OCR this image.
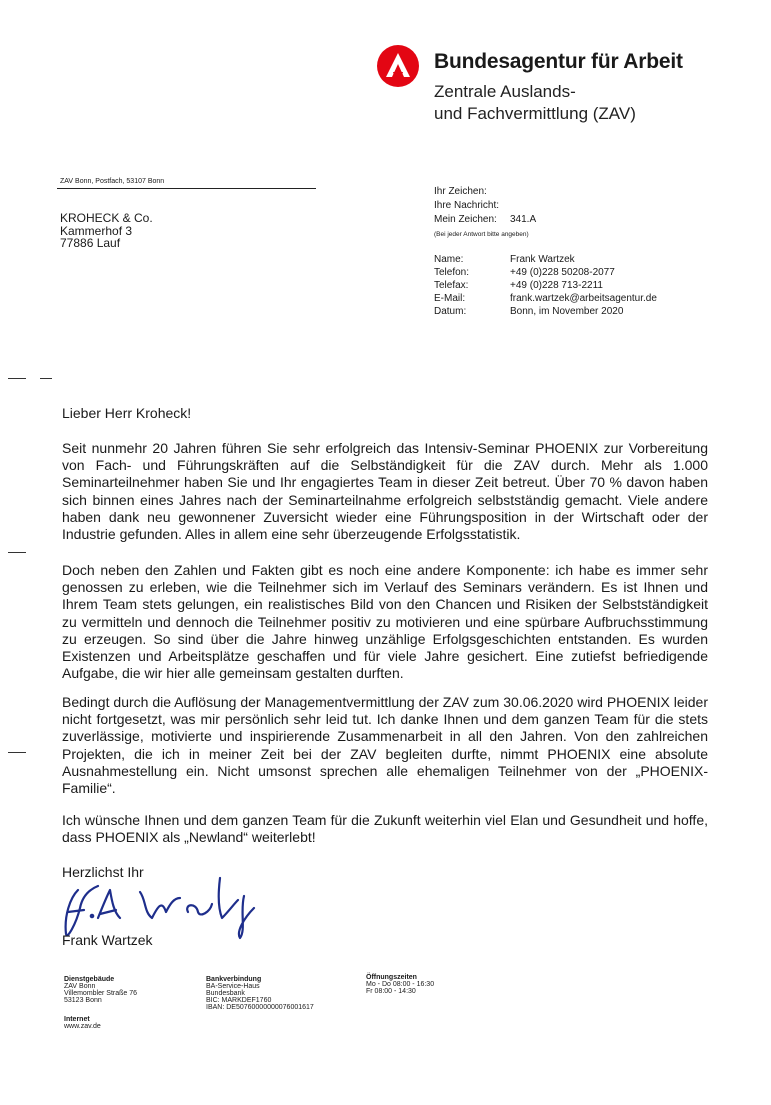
Bundesagentur für Arbeit
Zentrale Auslands-
und Fachvermittlung (ZAV)
ZAV Bonn, Postfach, 53107 Bonn
KROHECK & Co.
Kammerhof 3
77886 Lauf
Ihr Zeichen:
Ihre Nachricht:
Mein Zeichen: 341.A
(Bei jeder Antwort bitte angeben)
Name:	Frank Wartzek
Telefon:	+49 (0)228 50208-2077
Telefax:	+49 (0)228 713-2211
E-Mail:	frank.wartzek@arbeitsagentur.de
Datum:	Bonn, im November 2020
Lieber Herr Kroheck!
Seit nunmehr 20 Jahren führen Sie sehr erfolgreich das Intensiv-Seminar PHOENIX zur Vorbereitung von Fach- und Führungskräften auf die Selbständigkeit für die ZAV durch. Mehr als 1.000 Seminarteilnehmer haben Sie und Ihr engagiertes Team in dieser Zeit betreut. Über 70 % davon haben sich binnen eines Jahres nach der Seminarteilnahme erfolgreich selbstständig gemacht. Viele andere haben dank neu gewonnener Zuversicht wieder eine Führungsposition in der Wirtschaft oder der Industrie gefunden. Alles in allem eine sehr überzeugende Erfolgsstatistik.
Doch neben den Zahlen und Fakten gibt es noch eine andere Komponente: ich habe es immer sehr genossen zu erleben, wie die Teilnehmer sich im Verlauf des Seminars verändern. Es ist Ihnen und Ihrem Team stets gelungen, ein realistisches Bild von den Chancen und Risiken der Selbstständigkeit zu vermitteln und dennoch die Teilnehmer positiv zu motivieren und eine spürbare Aufbruchsstimmung zu erzeugen. So sind über die Jahre hinweg unzählige Erfolgsgeschichten entstanden. Es wurden Existenzen und Arbeitsplätze geschaffen und für viele Jahre gesichert. Eine zutiefst befriedigende Aufgabe, die wir hier alle gemeinsam gestalten durften.
Bedingt durch die Auflösung der Managementvermittlung der ZAV zum 30.06.2020 wird PHOENIX leider nicht fortgesetzt, was mir persönlich sehr leid tut. Ich danke Ihnen und dem ganzen Team für die stets zuverlässige, motivierte und inspirierende Zusammenarbeit in all den Jahren. Von den zahlreichen Projekten, die ich in meiner Zeit bei der ZAV begleiten durfte, nimmt PHOENIX eine absolute Ausnahmestellung ein. Nicht umsonst sprechen alle ehemaligen Teilnehmer von der „PHOENIX-Familie“.
Ich wünsche Ihnen und dem ganzen Team für die Zukunft weiterhin viel Elan und Gesundheit und hoffe, dass PHOENIX als „Newland“ weiterlebt!
Herzlichst Ihr
Frank Wartzek
Dienstgebäude
ZAV Bonn
Villemombler Straße 76
53123 Bonn
Internet
www.zav.de
Bankverbindung
BA-Service-Haus
Bundesbank
BIC: MARKDEF1760
IBAN: DE50760000000076001617
Öffnungszeiten
Mo - Do 08:00 - 16:30
Fr 08:00 - 14:30
